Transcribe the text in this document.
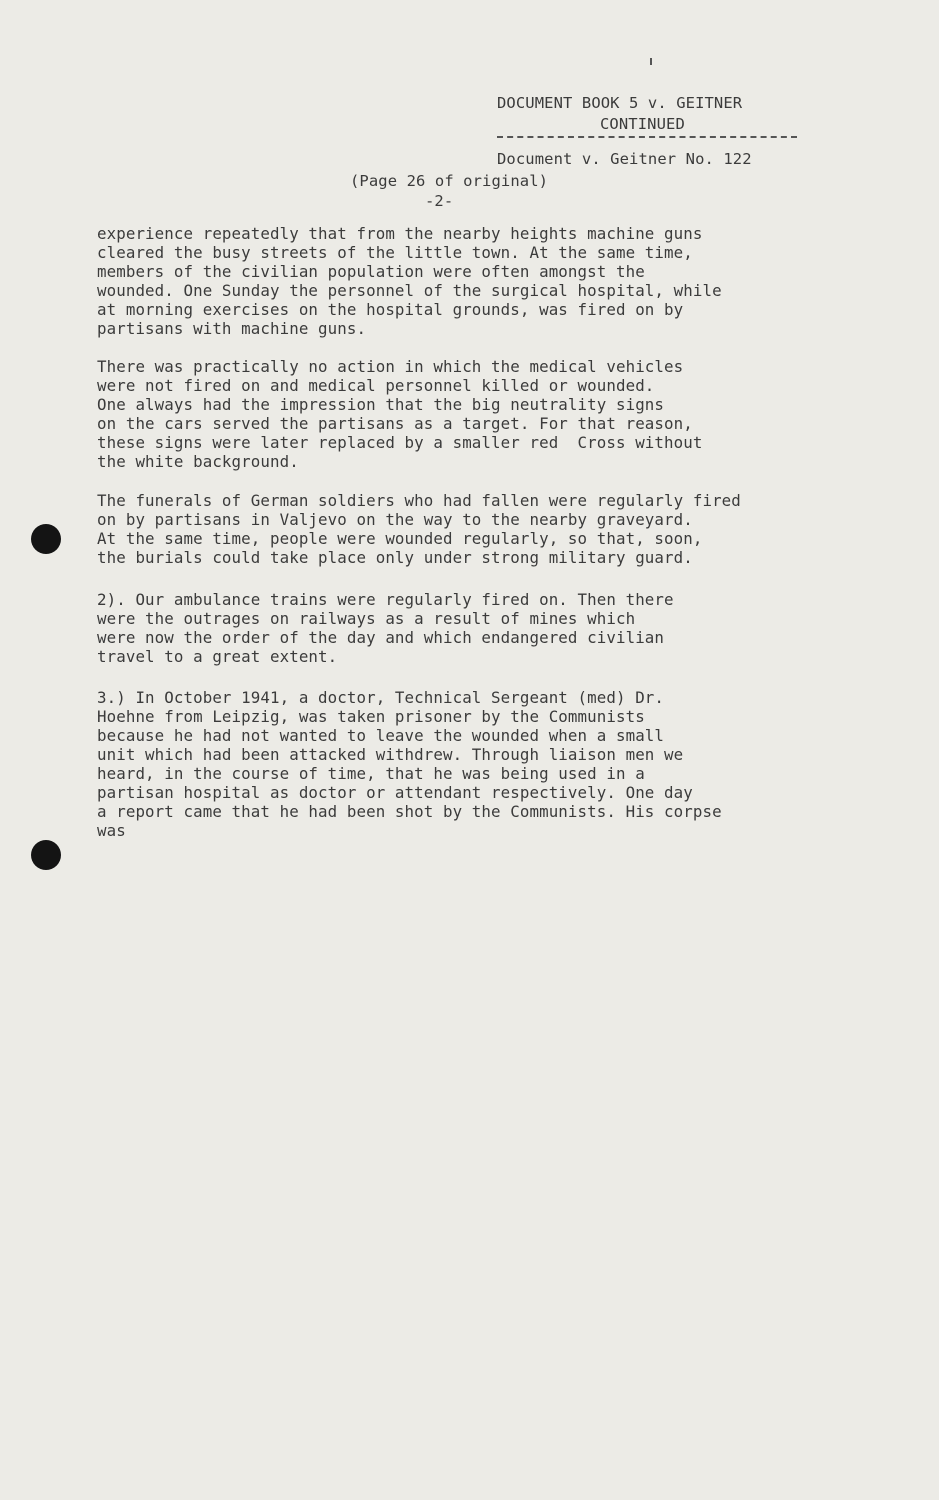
DOCUMENT BOOK 5 v. GEITNER
CONTINUED
Document v. Geitner No. 122
(Page 26 of original)
-2-
experience repeatedly that from the nearby heights machine guns
cleared the busy streets of the little town. At the same time,
members of the civilian population were often amongst the
wounded. One Sunday the personnel of the surgical hospital, while
at morning exercises on the hospital grounds, was fired on by
partisans with machine guns.
There was practically no action in which the medical vehicles
were not fired on and medical personnel killed or wounded.
One always had the impression that the big neutrality signs
on the cars served the partisans as a target. For that reason,
these signs were later replaced by a smaller red  Cross without
the white background.
The funerals of German soldiers who had fallen were regularly fired
on by partisans in Valjevo on the way to the nearby graveyard.
At the same time, people were wounded regularly, so that, soon,
the burials could take place only under strong military guard.
2). Our ambulance trains were regularly fired on. Then there
were the outrages on railways as a result of mines which
were now the order of the day and which endangered civilian
travel to a great extent.
3.) In October 1941, a doctor, Technical Sergeant (med) Dr.
Hoehne from Leipzig, was taken prisoner by the Communists
because he had not wanted to leave the wounded when a small
unit which had been attacked withdrew. Through liaison men we
heard, in the course of time, that he was being used in a
partisan hospital as doctor or attendant respectively. One day
a report came that he had been shot by the Communists. His corpse
was
